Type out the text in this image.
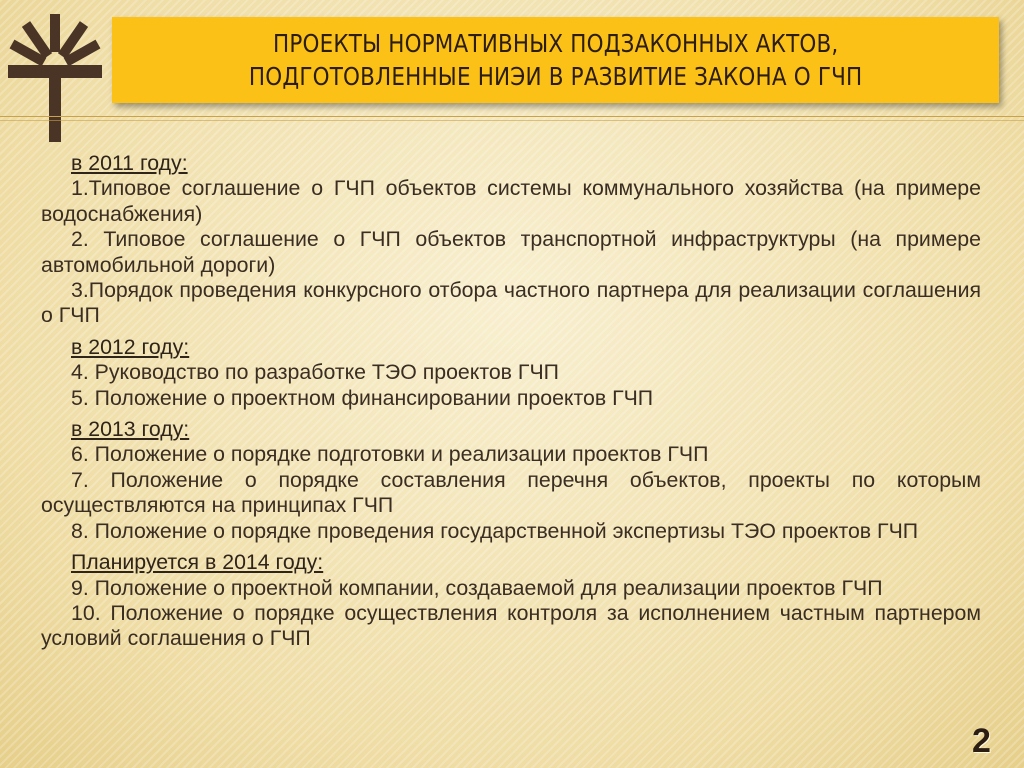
ПРОЕКТЫ НОРМАТИВНЫХ ПОДЗАКОННЫХ АКТОВ,
ПОДГОТОВЛЕННЫЕ НИЭИ В РАЗВИТИЕ ЗАКОНА О ГЧП
в 2011 году:
1.Типовое соглашение о ГЧП объектов системы коммунального хозяйства (на примере водоснабжения)
2. Типовое соглашение о ГЧП объектов транспортной инфраструктуры (на примере автомобильной дороги)
3.Порядок проведения конкурсного отбора частного партнера для реализации соглашения о ГЧП
в 2012 году:
4. Руководство по разработке ТЭО проектов ГЧП
5. Положение о проектном финансировании проектов ГЧП
в 2013 году:
6. Положение о порядке подготовки и реализации проектов ГЧП
7. Положение о порядке составления перечня объектов, проекты по которым осуществляются на принципах ГЧП
8. Положение о порядке проведения государственной экспертизы ТЭО проектов ГЧП
Планируется в 2014 году:
9. Положение о проектной компании, создаваемой для реализации проектов ГЧП
10. Положение о порядке осуществления контроля за исполнением частным партнером условий соглашения о ГЧП
2
